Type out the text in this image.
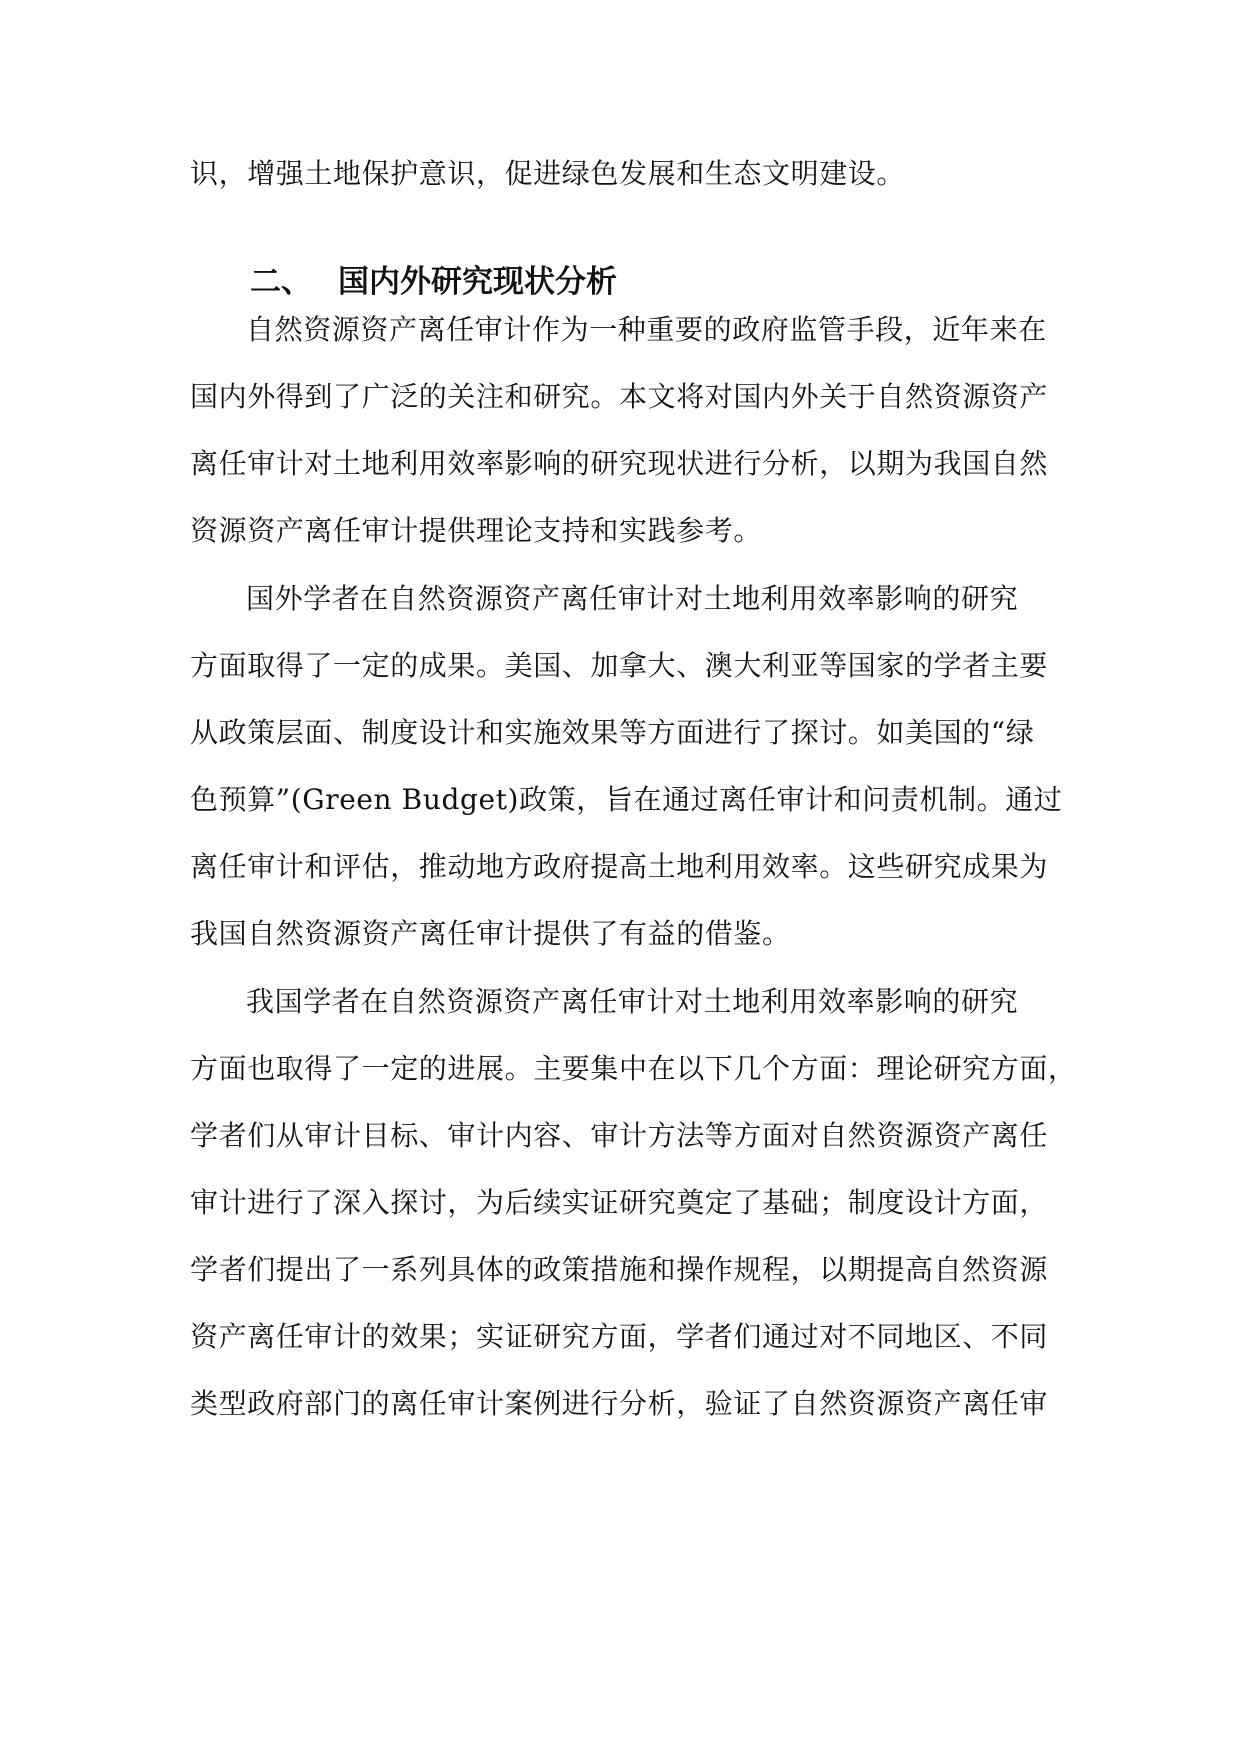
识，增强土地保护意识，促进绿色发展和生态文明建设。
二、 国内外研究现状分析
自然资源资产离任审计作为一种重要的政府监管手段，近年来在
国内外得到了广泛的关注和研究。本文将对国内外关于自然资源资产
离任审计对土地利用效率影响的研究现状进行分析，以期为我国自然
资源资产离任审计提供理论支持和实践参考。
国外学者在自然资源资产离任审计对土地利用效率影响的研究
方面取得了一定的成果。美国、加拿大、澳大利亚等国家的学者主要
从政策层面、制度设计和实施效果等方面进行了探讨。如美国的“绿
色预算”(Green Budget)政策，旨在通过离任审计和问责机制。通过
离任审计和评估，推动地方政府提高土地利用效率。这些研究成果为
我国自然资源资产离任审计提供了有益的借鉴。
我国学者在自然资源资产离任审计对土地利用效率影响的研究
方面也取得了一定的进展。主要集中在以下几个方面：理论研究方面，
学者们从审计目标、审计内容、审计方法等方面对自然资源资产离任
审计进行了深入探讨，为后续实证研究奠定了基础；制度设计方面，
学者们提出了一系列具体的政策措施和操作规程，以期提高自然资源
资产离任审计的效果；实证研究方面，学者们通过对不同地区、不同
类型政府部门的离任审计案例进行分析，验证了自然资源资产离任审
